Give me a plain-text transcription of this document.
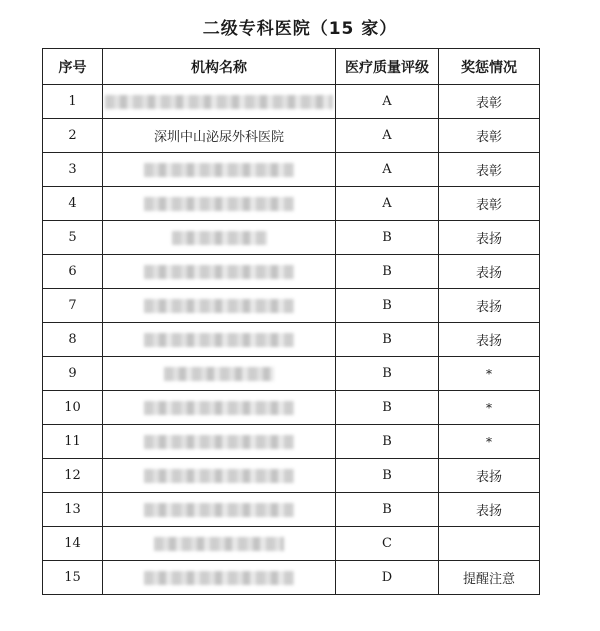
二级专科医院（15 家）
序号	机构名称	医疗质量评级	奖惩情况
1		A	表彰
2	深圳中山泌尿外科医院	A	表彰
3		A	表彰
4		A	表彰
5		B	表扬
6		B	表扬
7		B	表扬
8		B	表扬
9		B	*
10		B	*
11		B	*
12		B	表扬
13		B	表扬
14		C	
15		D	提醒注意
